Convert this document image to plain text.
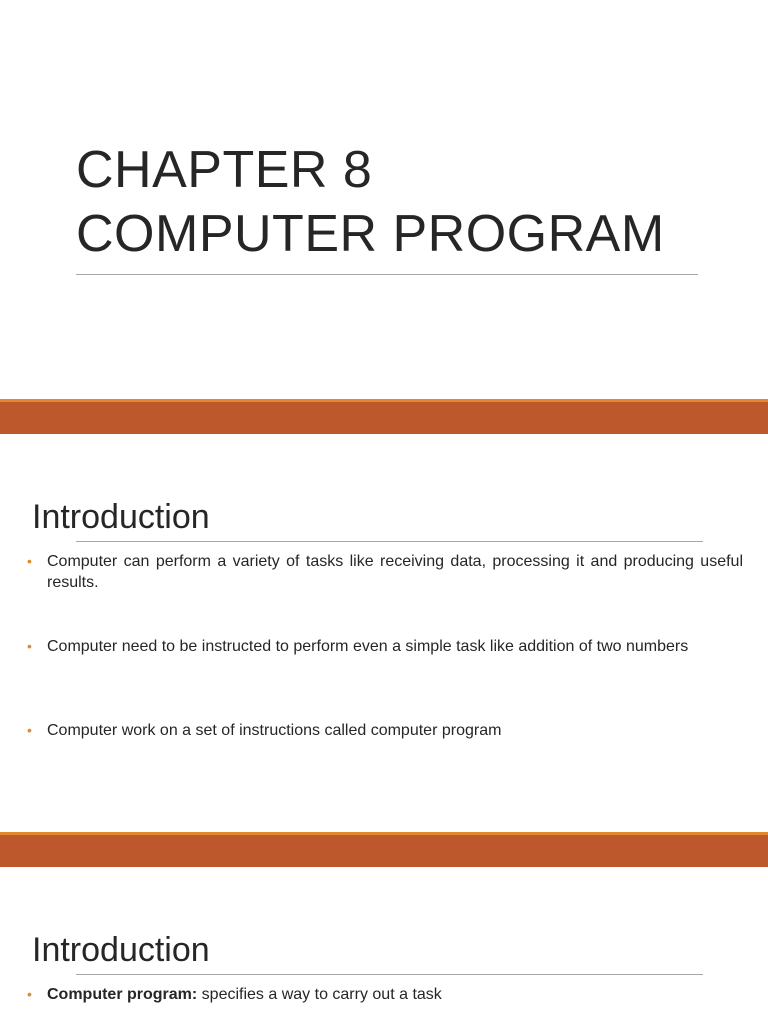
CHAPTER 8
COMPUTER PROGRAM
Introduction
• Computer can perform a variety of tasks like receiving data, processing it and producing useful results.
• Computer need to be instructed to perform even a simple task like addition of two numbers
• Computer work on a set of instructions called computer program
Introduction
• Computer program: specifies a way to carry out a task
